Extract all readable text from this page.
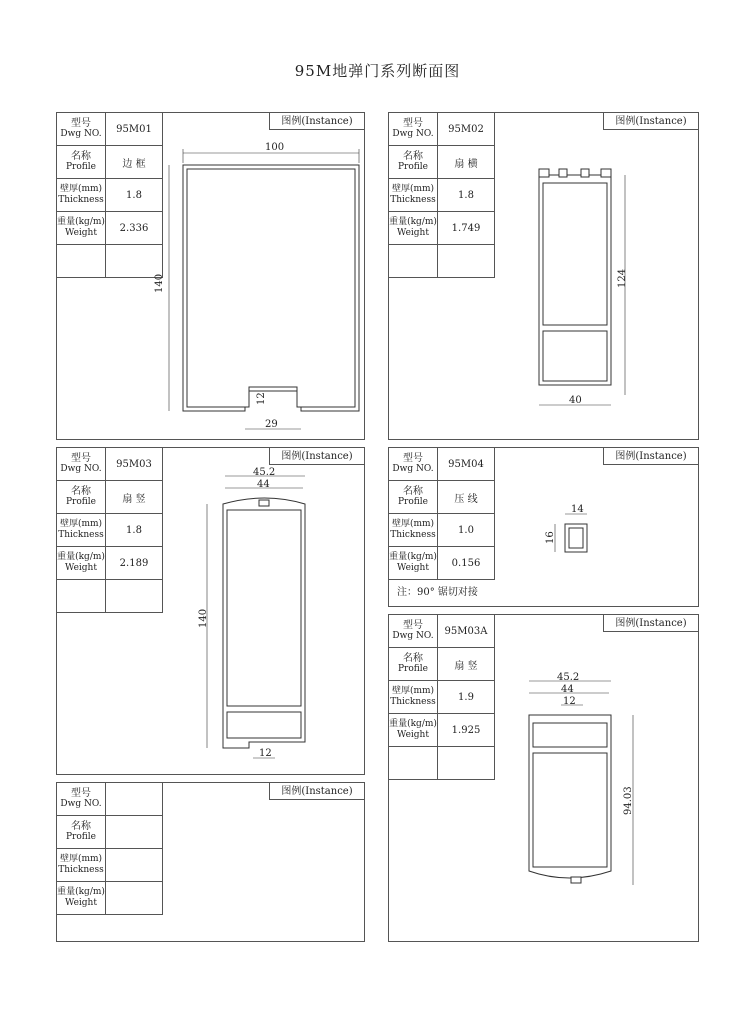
95M地弹门系列断面图
型号
Dwg NO.	95M01
名称
Profile	边 框
壁厚(mm)
Thickness	1.8
重量(kg/m)
Weight	2.336
图例(Instance)
100
140
29
12
型号
Dwg NO.	95M02
名称
Profile	扇 横
壁厚(mm)
Thickness	1.8
重量(kg/m)
Weight	1.749
图例(Instance)
124
40
型号
Dwg NO.	95M03
名称
Profile	扇 竖
壁厚(mm)
Thickness	1.8
重量(kg/m)
Weight	2.189
图例(Instance)
45.2
44
140
12
型号
Dwg NO.	95M04
名称
Profile	压 线
壁厚(mm)
Thickness	1.0
重量(kg/m)
Weight	0.156
注：90° 锯切对接
图例(Instance)
14
16
型号
Dwg NO.	95M03A
名称
Profile	扇 竖
壁厚(mm)
Thickness	1.9
重量(kg/m)
Weight	1.925
图例(Instance)
45.2
44
12
94.03
型号
Dwg NO.
名称
Profile
壁厚(mm)
Thickness
重量(kg/m)
Weight
图例(Instance)
